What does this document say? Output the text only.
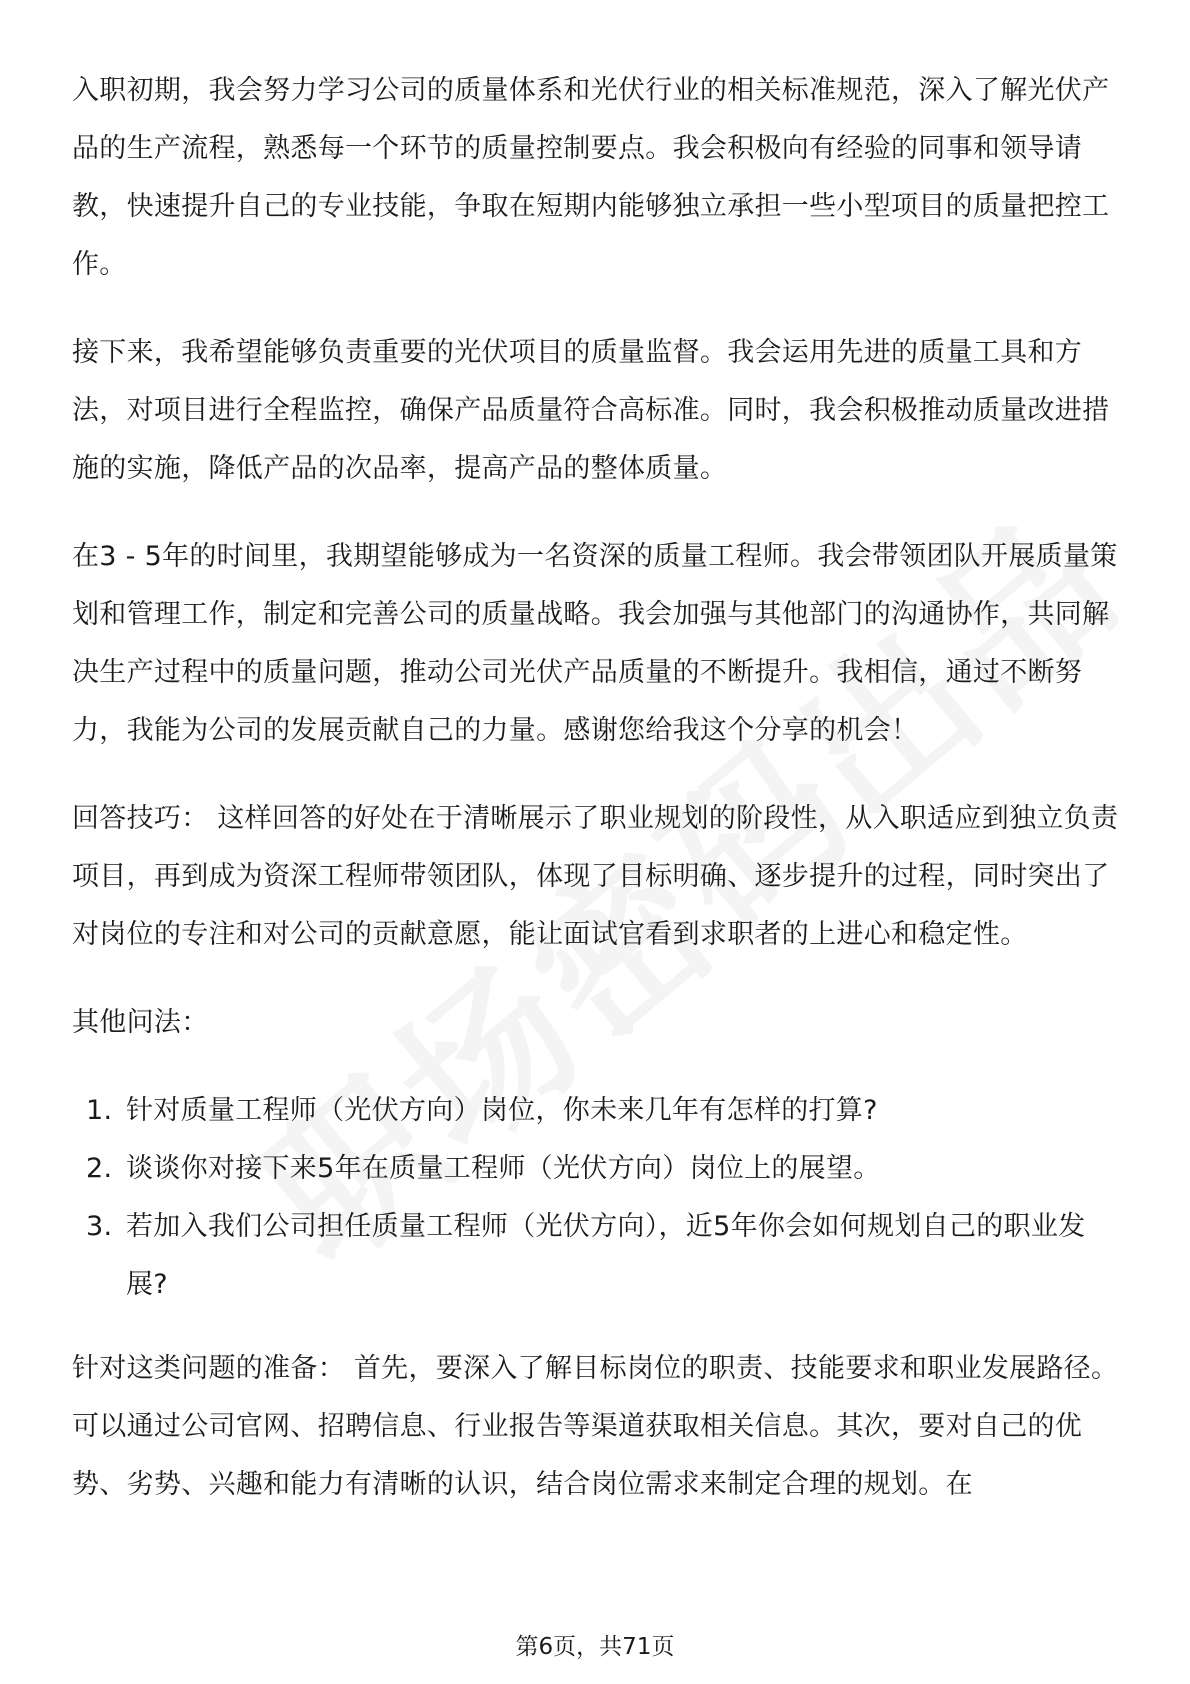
入职初期，我会努力学习公司的质量体系和光伏行业的相关标准规范，深入了解光伏产品的生产流程，熟悉每一个环节的质量控制要点。我会积极向有经验的同事和领导请教，快速提升自己的专业技能，争取在短期内能够独立承担一些小型项目的质量把控工作。

接下来，我希望能够负责重要的光伏项目的质量监督。我会运用先进的质量工具和方法，对项目进行全程监控，确保产品质量符合高标准。同时，我会积极推动质量改进措施的实施，降低产品的次品率，提高产品的整体质量。

在3 - 5年的时间里，我期望能够成为一名资深的质量工程师。我会带领团队开展质量策划和管理工作，制定和完善公司的质量战略。我会加强与其他部门的沟通协作，共同解决生产过程中的质量问题，推动公司光伏产品质量的不断提升。我相信，通过不断努力，我能为公司的发展贡献自己的力量。感谢您给我这个分享的机会！

回答技巧： 这样回答的好处在于清晰展示了职业规划的阶段性，从入职适应到独立负责项目，再到成为资深工程师带领团队，体现了目标明确、逐步提升的过程，同时突出了对岗位的专注和对公司的贡献意愿，能让面试官看到求职者的上进心和稳定性。

其他问法：

1. 针对质量工程师（光伏方向）岗位，你未来几年有怎样的打算?
2. 谈谈你对接下来5年在质量工程师（光伏方向）岗位上的展望。
3. 若加入我们公司担任质量工程师（光伏方向），近5年你会如何规划自己的职业发展?

针对这类问题的准备： 首先，要深入了解目标岗位的职责、技能要求和职业发展路径。可以通过公司官网、招聘信息、行业报告等渠道获取相关信息。其次，要对自己的优势、劣势、兴趣和能力有清晰的认识，结合岗位需求来制定合理的规划。在

第6页，共71页
